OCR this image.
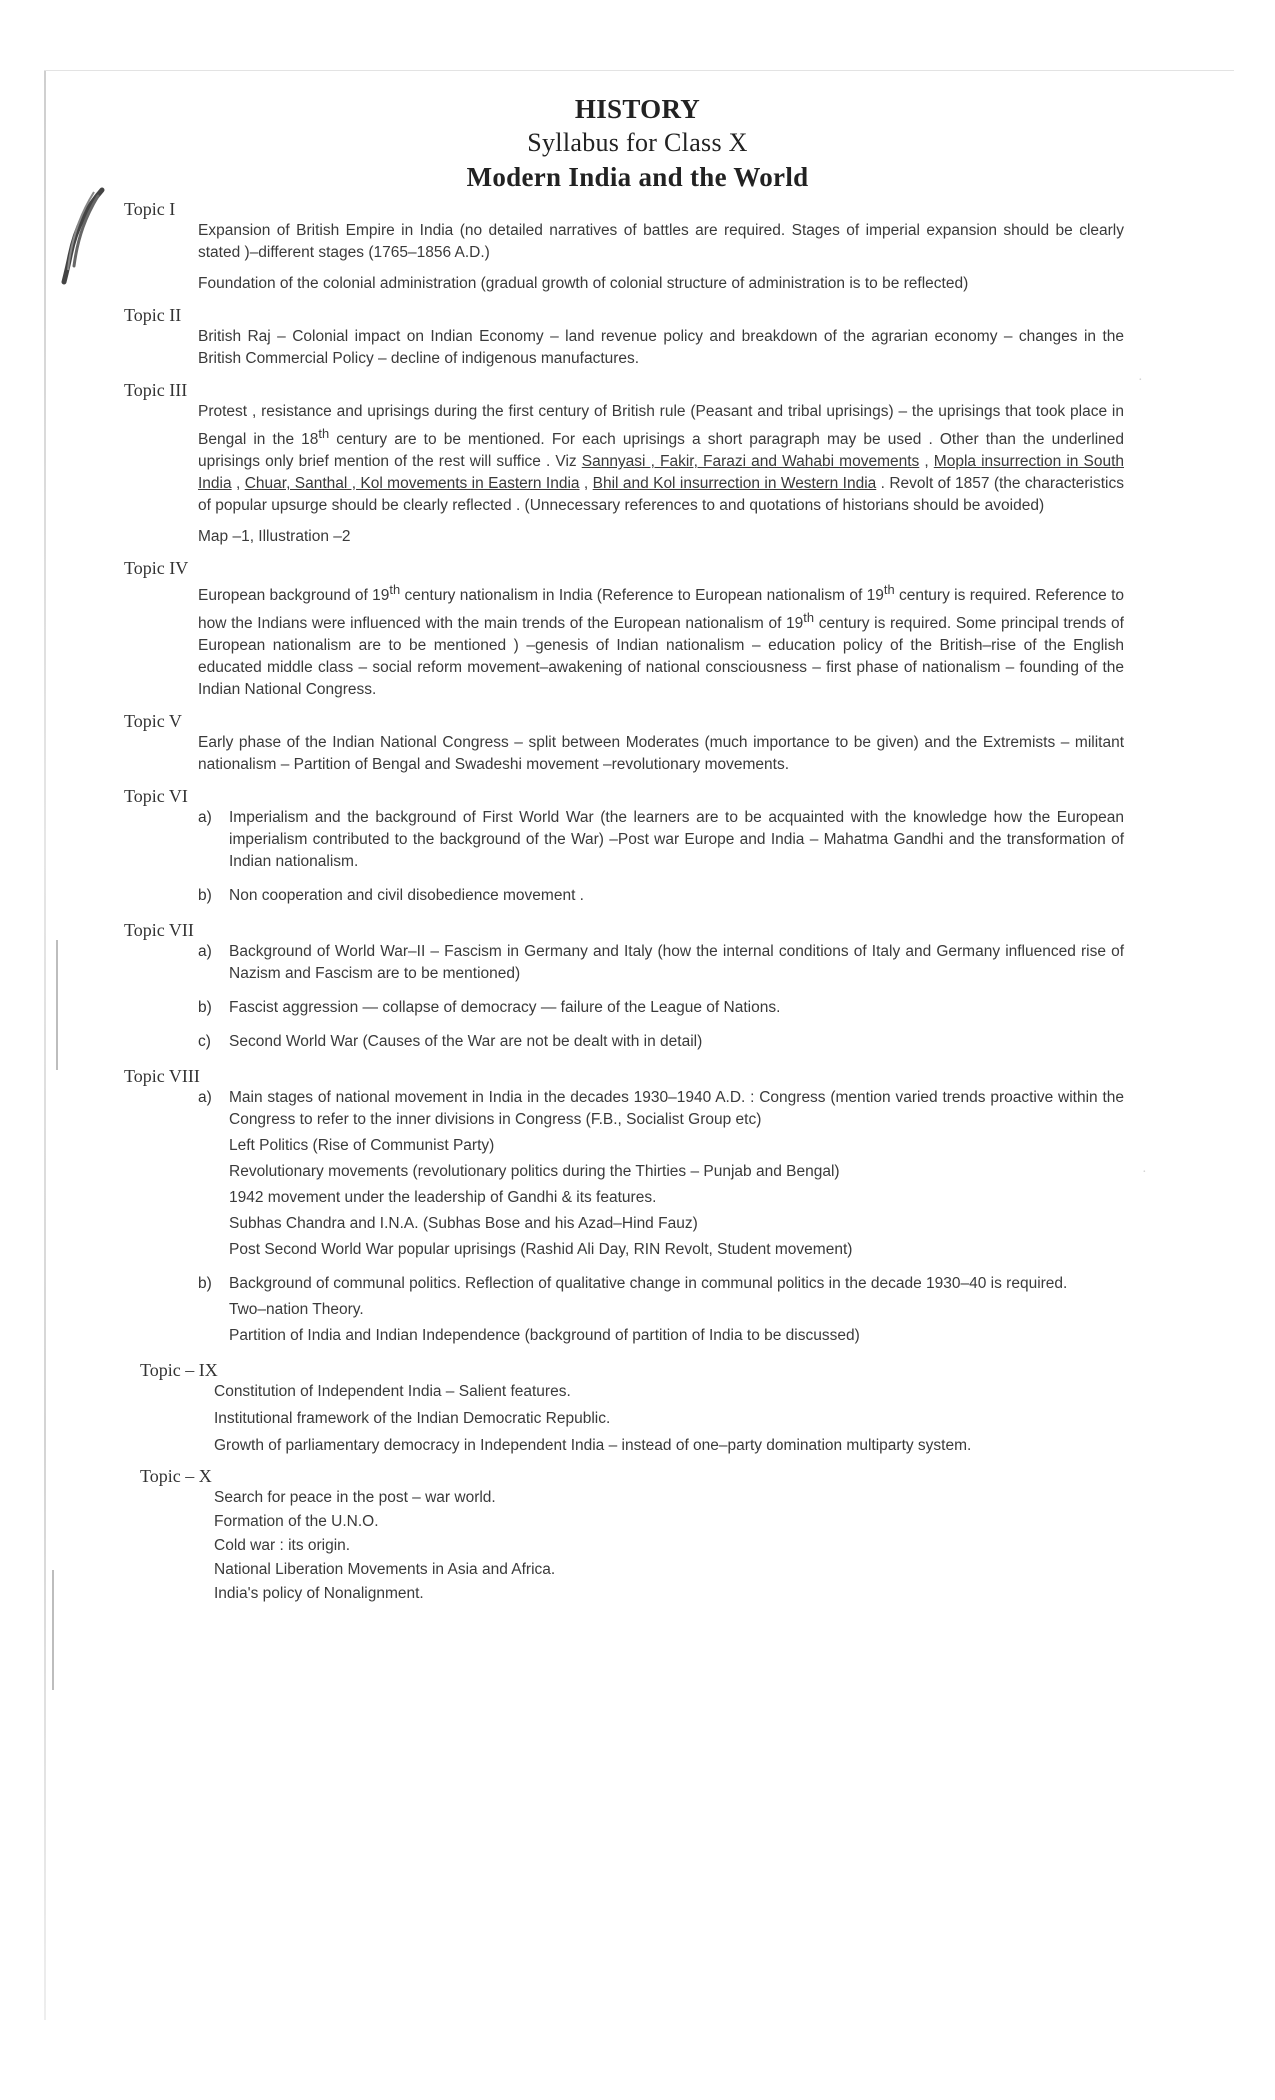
·
·
HISTORY
Syllabus for Class X
Modern India and the World
Topic I
Expansion of British Empire in India (no detailed narratives of battles are required. Stages of imperial expansion should be clearly stated )–different stages (1765–1856 A.D.)
Foundation of the colonial administration (gradual growth of colonial structure of administration is to be reflected)
Topic II
British Raj – Colonial impact on Indian Economy – land revenue policy and breakdown of the agrarian economy – changes in the British Commercial Policy – decline of indigenous manufactures.
Topic III
Protest , resistance and uprisings during the first century of British rule (Peasant and tribal uprisings) – the uprisings that took place in Bengal in the 18th century are to be mentioned. For each uprisings a short paragraph may be used . Other than the underlined uprisings only brief mention of the rest will suffice . Viz Sannyasi , Fakir, Farazi and Wahabi movements , Mopla insurrection in South India , Chuar, Santhal , Kol movements in Eastern India , Bhil and Kol insurrection in Western India . Revolt of 1857 (the characteristics of popular upsurge should be clearly reflected . (Unnecessary references to and quotations of historians should be avoided)
Map –1, Illustration –2
Topic IV
European background of 19th century nationalism in India (Reference to European nationalism of 19th century is required. Reference to how the Indians were influenced with the main trends of the European nationalism of 19th century is required. Some principal trends of European nationalism are to be mentioned ) –genesis of Indian nationalism – education policy of the British–rise of the English educated middle class – social reform movement–awakening of national consciousness – first phase of nationalism – founding of the Indian National Congress.
Topic V
Early phase of the Indian National Congress – split between Moderates (much importance to be given) and the Extremists – militant nationalism – Partition of Bengal and Swadeshi movement –revolutionary movements.
Topic VI
a)	Imperialism and the background of First World War (the learners are to be acquainted with the knowledge how the European imperialism contributed to the background of the War) –Post war Europe and India – Mahatma Gandhi and the transformation of Indian nationalism.
b)	Non cooperation and civil disobedience movement .
Topic VII
a)	Background of World War–II – Fascism in Germany and Italy (how the internal conditions of Italy and Germany influenced rise of Nazism and Fascism are to be mentioned)
b)	Fascist aggression — collapse of democracy — failure of the League of Nations.
c)	Second World War (Causes of the War are not be dealt with in detail)
Topic VIII
a)	Main stages of national movement in India in the decades 1930–1940 A.D. : Congress (mention varied trends proactive within the Congress to refer to the inner divisions in Congress (F.B., Socialist Group etc)
Left Politics (Rise of Communist Party)
Revolutionary movements (revolutionary politics during the Thirties – Punjab and Bengal)
1942 movement under the leadership of Gandhi & its features.
Subhas Chandra and I.N.A. (Subhas Bose and his Azad–Hind Fauz)
Post Second World War popular uprisings (Rashid Ali Day, RIN Revolt, Student movement)
b)	Background of communal politics. Reflection of qualitative change in communal politics in the decade 1930–40 is required.
Two–nation Theory.
Partition of India and Indian Independence (background of partition of India to be discussed)
Topic – IX
Constitution of Independent India – Salient features.
Institutional framework of the Indian Democratic Republic.
Growth of parliamentary democracy in Independent India – instead of one–party domination multiparty system.
Topic – X
Search for peace in the post – war world.
Formation of the U.N.O.
Cold war : its origin.
National Liberation Movements in Asia and Africa.
India's policy of Nonalignment.
